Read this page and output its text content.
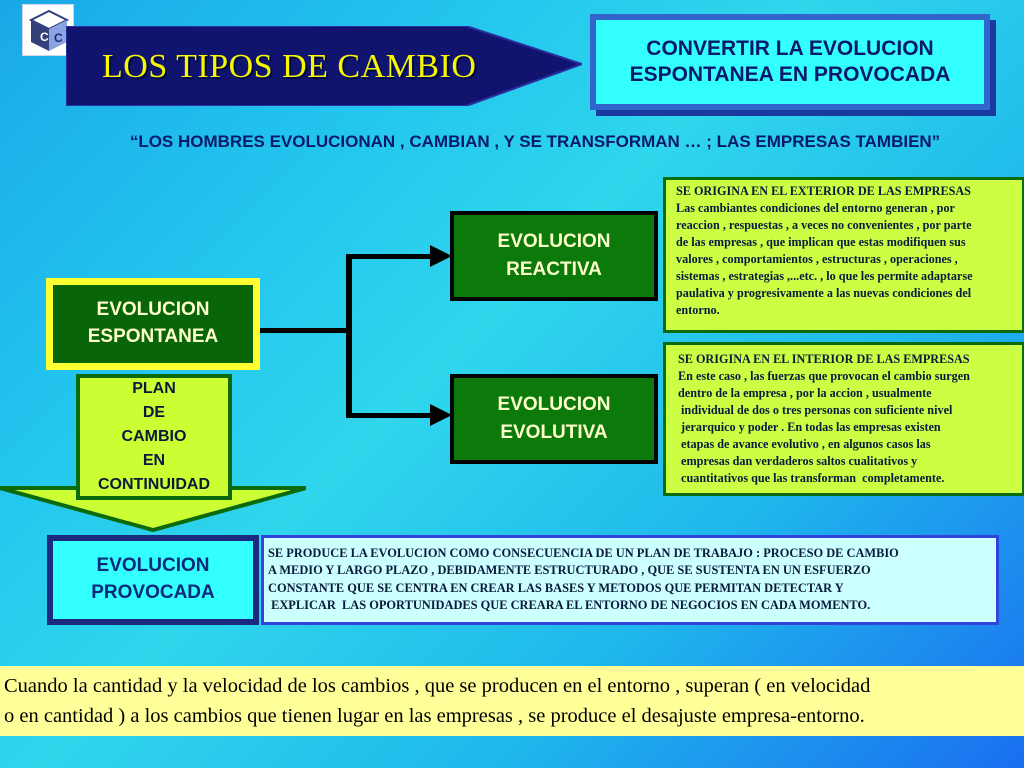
C C
LOS TIPOS DE CAMBIO	CONVERTIR LA EVOLUCION
ESPONTANEA EN PROVOCADA
“LOS HOMBRES EVOLUCIONAN , CAMBIAN , Y SE TRANSFORMAN … ; LAS EMPRESAS TAMBIEN”
EVOLUCION
ESPONTANEA
EVOLUCION
REACTIVA
EVOLUCION
EVOLUTIVA
PLAN
DE
CAMBIO
EN
CONTINUIDAD
EVOLUCION
PROVOCADA

SE ORIGINA EN EL EXTERIOR DE LAS EMPRESAS

Las cambiantes condiciones del entorno generan , por

reaccion , respuestas , a veces no convenientes , por parte

de las empresas , que implican que estas modifiquen sus

valores , comportamientos , estructuras , operaciones ,

sistemas , estrategias ,...etc. , lo que les permite adaptarse

paulativa y progresivamente a las nuevas condiciones del

entorno.

SE ORIGINA EN EL INTERIOR DE LAS EMPRESAS

En este caso , las fuerzas que provocan el cambio surgen

dentro de la empresa , por la accion , usualmente

individual de dos o tres personas con suficiente nivel

jerarquico y poder . En todas las empresas existen

etapas de avance evolutivo , en algunos casos las

empresas dan verdaderos saltos cualitativos y

cuantitativos que las transforman  completamente.

SE PRODUCE LA EVOLUCION COMO CONSECUENCIA DE UN PLAN DE TRABAJO : PROCESO DE CAMBIO

A MEDIO Y LARGO PLAZO , DEBIDAMENTE ESTRUCTURADO , QUE SE SUSTENTA EN UN ESFUERZO

CONSTANTE QUE SE CENTRA EN CREAR LAS BASES Y METODOS QUE PERMITAN DETECTAR Y

EXPLICAR  LAS OPORTUNIDADES QUE CREARA EL ENTORNO DE NEGOCIOS EN CADA MOMENTO.

Cuando la cantidad y la velocidad de los cambios , que se producen en el entorno , superan ( en velocidad

o en cantidad ) a los cambios que tienen lugar en las empresas , se produce el desajuste empresa-entorno.
